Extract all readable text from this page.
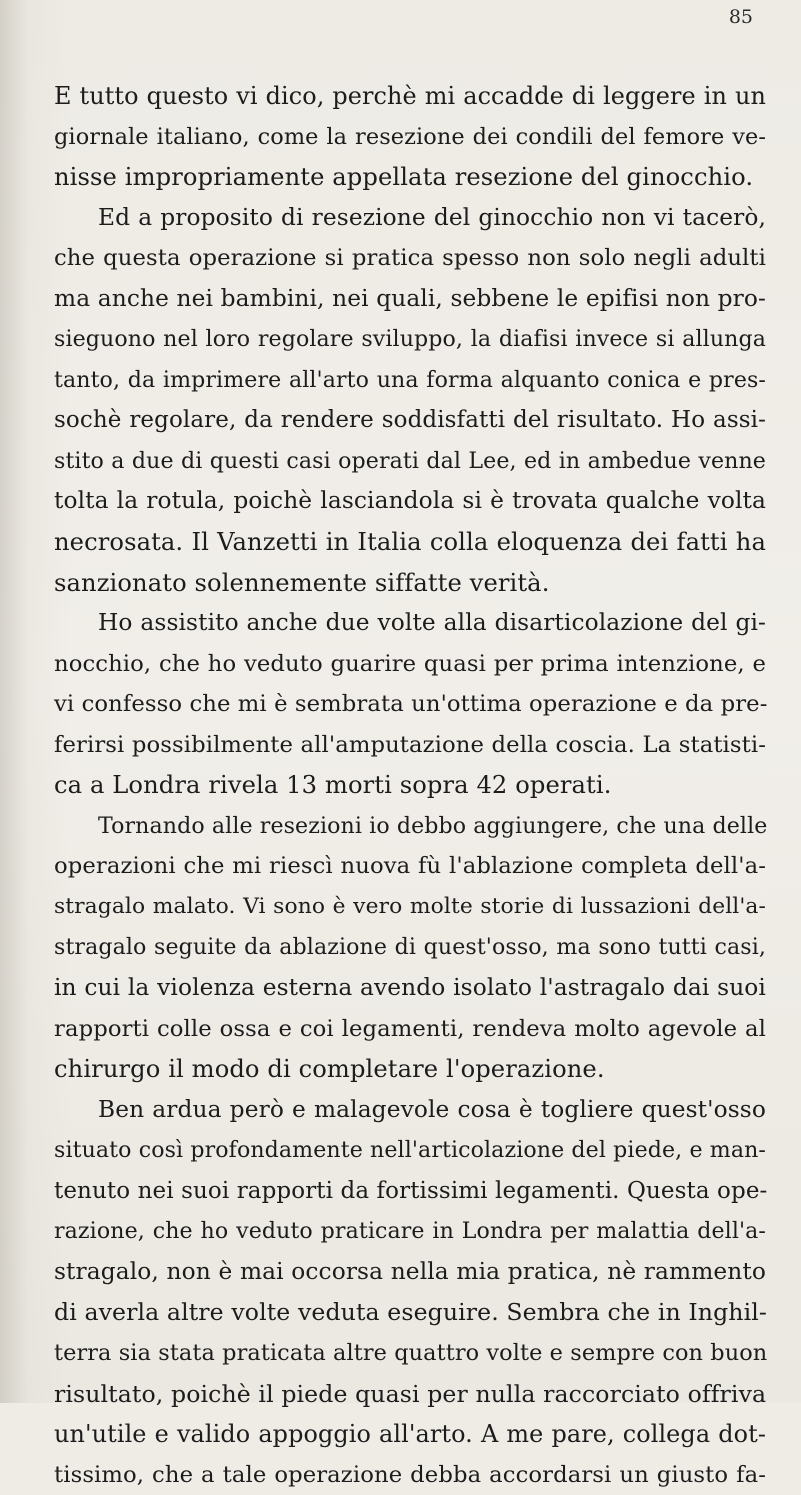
85
E tutto questo vi dico, perchè mi accadde di leggere in un
giornale italiano, come la resezione dei condili del femore ve-
nisse impropriamente appellata resezione del ginocchio.
Ed a proposito di resezione del ginocchio non vi tacerò,
che questa operazione si pratica spesso non solo negli adulti
ma anche nei bambini, nei quali, sebbene le epifisi non pro-
sieguono nel loro regolare sviluppo, la diafisi invece si allunga
tanto, da imprimere all'arto una forma alquanto conica e pres-
sochè regolare, da rendere soddisfatti del risultato. Ho assi-
stito a due di questi casi operati dal Lee, ed in ambedue venne
tolta la rotula, poichè lasciandola si è trovata qualche volta
necrosata. Il Vanzetti in Italia colla eloquenza dei fatti ha
sanzionato solennemente siffatte verità.
Ho assistito anche due volte alla disarticolazione del gi-
nocchio, che ho veduto guarire quasi per prima intenzione, e
vi confesso che mi è sembrata un'ottima operazione e da pre-
ferirsi possibilmente all'amputazione della coscia. La statisti-
ca a Londra rivela 13 morti sopra 42 operati.
Tornando alle resezioni io debbo aggiungere, che una delle
operazioni che mi riescì nuova fù l'ablazione completa dell'a-
stragalo malato. Vi sono è vero molte storie di lussazioni dell'a-
stragalo seguite da ablazione di quest'osso, ma sono tutti casi,
in cui la violenza esterna avendo isolato l'astragalo dai suoi
rapporti colle ossa e coi legamenti, rendeva molto agevole al
chirurgo il modo di completare l'operazione.
Ben ardua però e malagevole cosa è togliere quest'osso
situato così profondamente nell'articolazione del piede, e man-
tenuto nei suoi rapporti da fortissimi legamenti. Questa ope-
razione, che ho veduto praticare in Londra per malattia dell'a-
stragalo, non è mai occorsa nella mia pratica, nè rammento
di averla altre volte veduta eseguire. Sembra che in Inghil-
terra sia stata praticata altre quattro volte e sempre con buon
risultato, poichè il piede quasi per nulla raccorciato offriva
un'utile e valido appoggio all'arto. A me pare, collega dot-
tissimo, che a tale operazione debba accordarsi un giusto fa-
